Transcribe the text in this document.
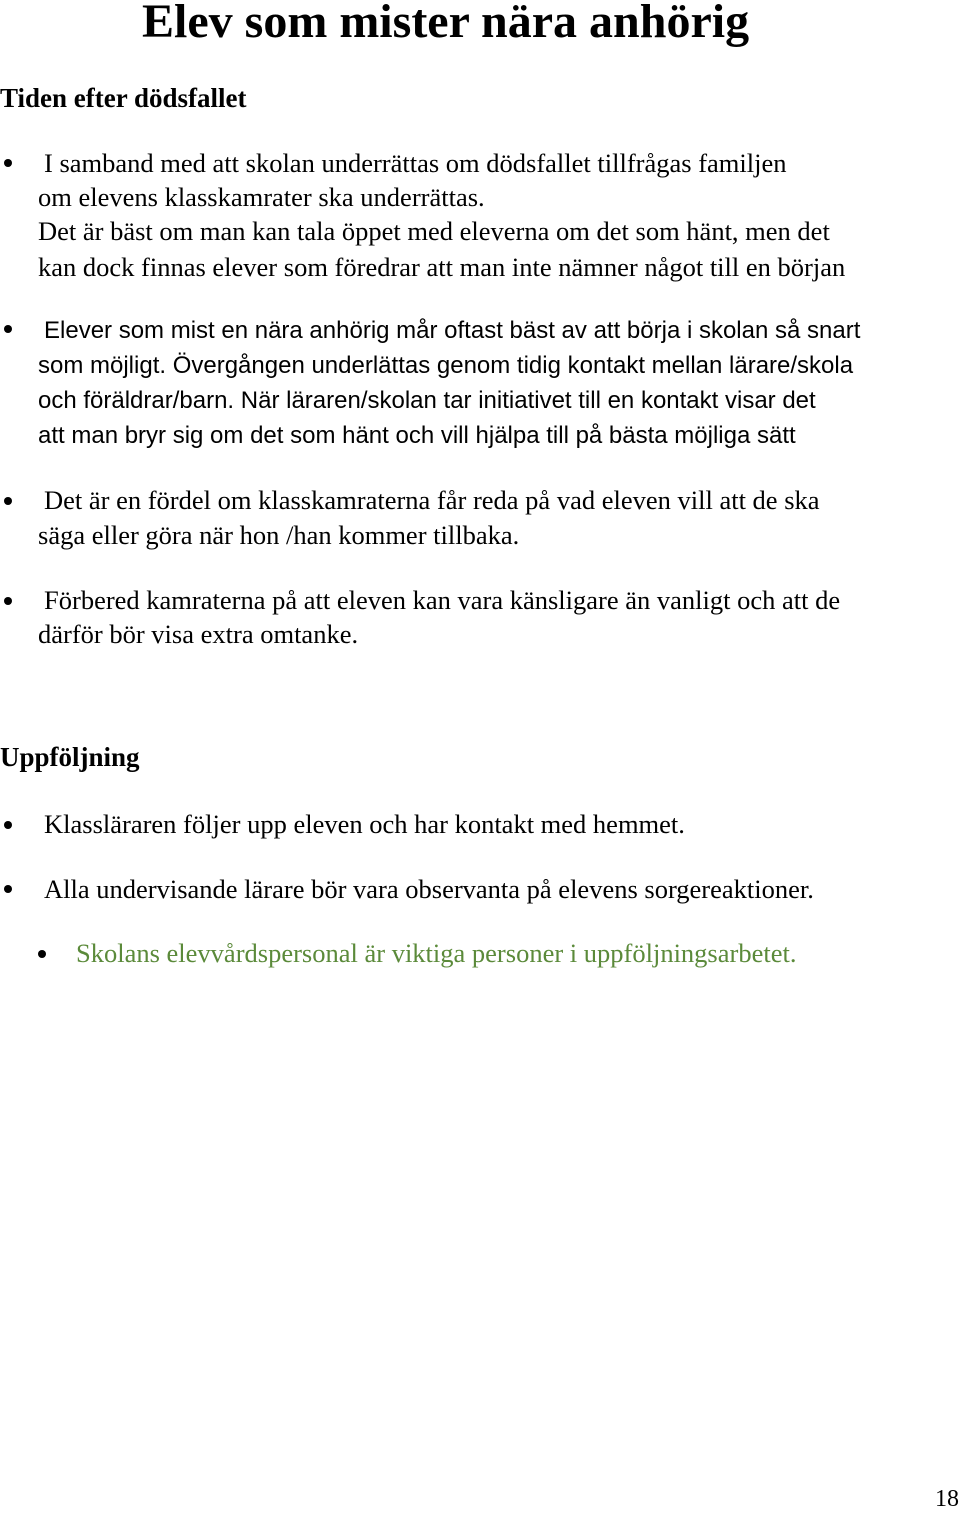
Elev som mister nära anhörig
Tiden efter dödsfallet

I samband med att skolan underrättas om dödsfallet tillfrågas familjen

om elevens klasskamrater ska underrättas.

Det är bäst om man kan tala öppet med eleverna om det som hänt, men det

kan dock finnas elever som föredrar att man inte nämner något till en början

Elever som mist en nära anhörig mår oftast bäst av att börja i skolan så snart

som möjligt. Övergången underlättas genom tidig kontakt mellan lärare/skola

och föräldrar/barn. När läraren/skolan tar initiativet till en kontakt visar det

att man bryr sig om det som hänt och vill hjälpa till på bästa möjliga sätt

Det är en fördel om klasskamraterna får reda på vad eleven vill att de ska

säga eller göra när hon /han kommer tillbaka.

Förbered kamraterna på att eleven kan vara känsligare än vanligt och att de

därför bör visa extra omtanke.

Uppföljning

Klassläraren följer upp eleven och har kontakt med hemmet.

Alla undervisande lärare bör vara observanta på elevens sorgereaktioner.

Skolans elevvårdspersonal är viktiga personer i uppföljningsarbetet.

18
